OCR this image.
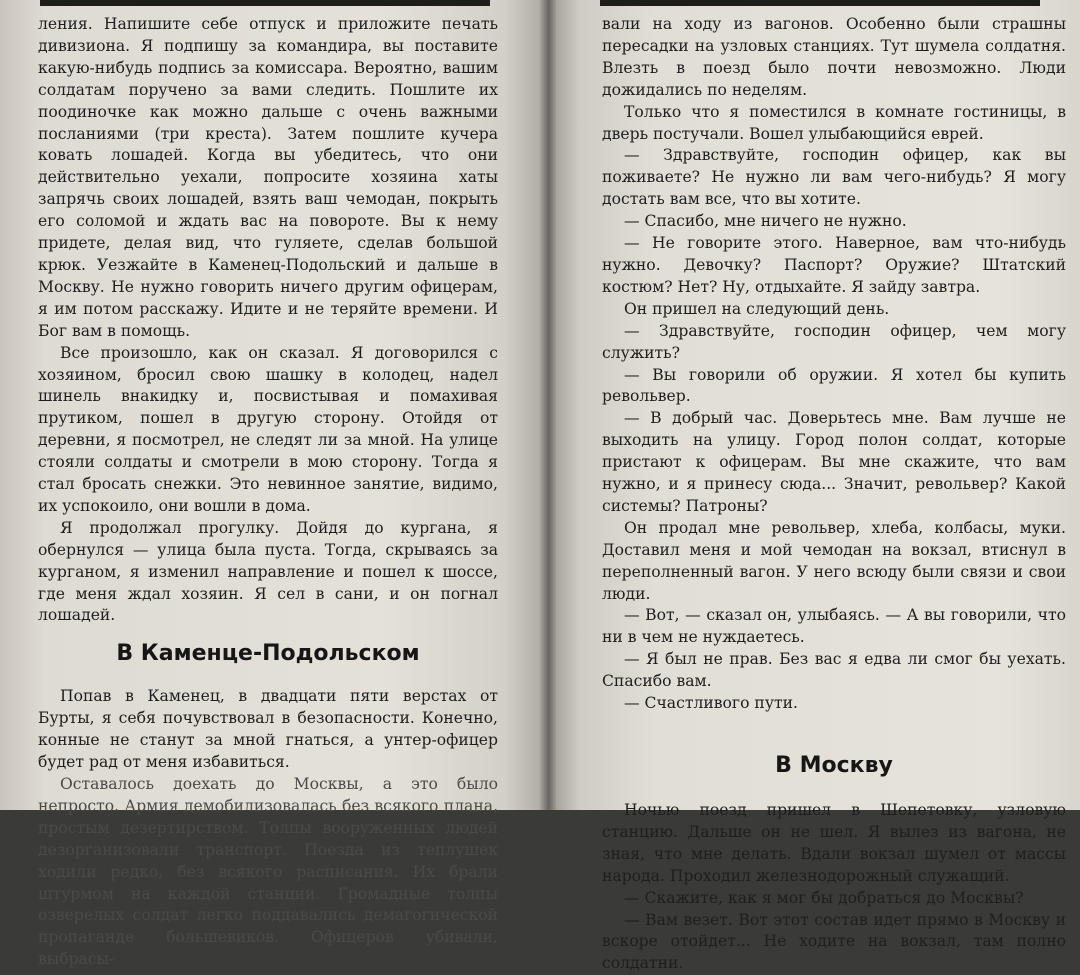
ления. Напишите себе отпуск и приложите печать дивизиона. Я подпишу за командира, вы поставите какую-нибудь подпись за комиссара. Вероятно, вашим солдатам поручено за вами следить. Пошлите их поодиночке как можно дальше с очень важными посланиями (три креста). Затем пошлите кучера ковать лошадей. Когда вы убедитесь, что они действительно уехали, попросите хозяина хаты запрячь своих лошадей, взять ваш чемодан, покрыть его соломой и ждать вас на повороте. Вы к нему придете, делая вид, что гуляете, сделав большой крюк. Уезжайте в Каменец-Подольский и дальше в Москву. Не нужно говорить ничего другим офицерам, я им потом расскажу. Идите и не теряйте времени. И Бог вам в помощь.

Все произошло, как он сказал. Я договорился с хозяином, бросил свою шашку в колодец, надел шинель внакидку и, посвистывая и помахивая прутиком, пошел в другую сторону. Отойдя от деревни, я посмотрел, не следят ли за мной. На улице стояли солдаты и смотрели в мою сторону. Тогда я стал бросать снежки. Это невинное занятие, видимо, их успокоило, они вошли в дома.

Я продолжал прогулку. Дойдя до кургана, я обернулся — улица была пуста. Тогда, скрываясь за курганом, я изменил направление и пошел к шоссе, где меня ждал хозяин. Я сел в сани, и он погнал лошадей.

В Каменце-Подольском

Попав в Каменец, в двадцати пяти верстах от Бурты, я себя почувствовал в безопасности. Конечно, конные не станут за мной гнаться, а унтер-офицер будет рад от меня избавиться.

Оставалось доехать до Москвы, а это было непросто. Армия демобилизовалась без всякого плана, простым дезертирством. Толпы вооруженных людей дезорганизовали транспорт. Поезда из теплушек ходили редко, без всякого расписания. Их брали штурмом на каждой станции. Громадные толпы озверелых солдат легко поддавались демагогической пропаганде большевиков. Офицеров убивали, выбрасы-

вали на ходу из вагонов. Особенно были страшны пересадки на узловых станциях. Тут шумела солдатня. Влезть в поезд было почти невозможно. Люди дожидались по неделям.

Только что я поместился в комнате гостиницы, в дверь постучали. Вошел улыбающийся еврей.

— Здравствуйте, господин офицер, как вы поживаете? Не нужно ли вам чего-нибудь? Я могу достать вам все, что вы хотите.

— Спасибо, мне ничего не нужно.

— Не говорите этого. Наверное, вам что-нибудь нужно. Девочку? Паспорт? Оружие? Штатский костюм? Нет? Ну, отдыхайте. Я зайду завтра.

Он пришел на следующий день.

— Здравствуйте, господин офицер, чем могу служить?

— Вы говорили об оружии. Я хотел бы купить револьвер.

— В добрый час. Доверьтесь мне. Вам лучше не выходить на улицу. Город полон солдат, которые пристают к офицерам. Вы мне скажите, что вам нужно, и я принесу сюда... Значит, револьвер? Какой системы? Патроны?

Он продал мне револьвер, хлеба, колбасы, муки. Доставил меня и мой чемодан на вокзал, втиснул в переполненный вагон. У него всюду были связи и свои люди.

— Вот, — сказал он, улыбаясь. — А вы говорили, что ни в чем не нуждаетесь.

— Я был не прав. Без вас я едва ли смог бы уехать. Спасибо вам.

— Счастливого пути.

В Москву

Ночью поезд пришел в Шепетовку, узловую станцию. Дальше он не шел. Я вылез из вагона, не зная, что мне делать. Вдали вокзал шумел от массы народа. Проходил железнодорожный служащий.

— Скажите, как я мог бы добраться до Москвы?

— Вам везет. Вот этот состав идет прямо в Москву и вскоре отойдет... Не ходите на вокзал, там полно солдатни.
